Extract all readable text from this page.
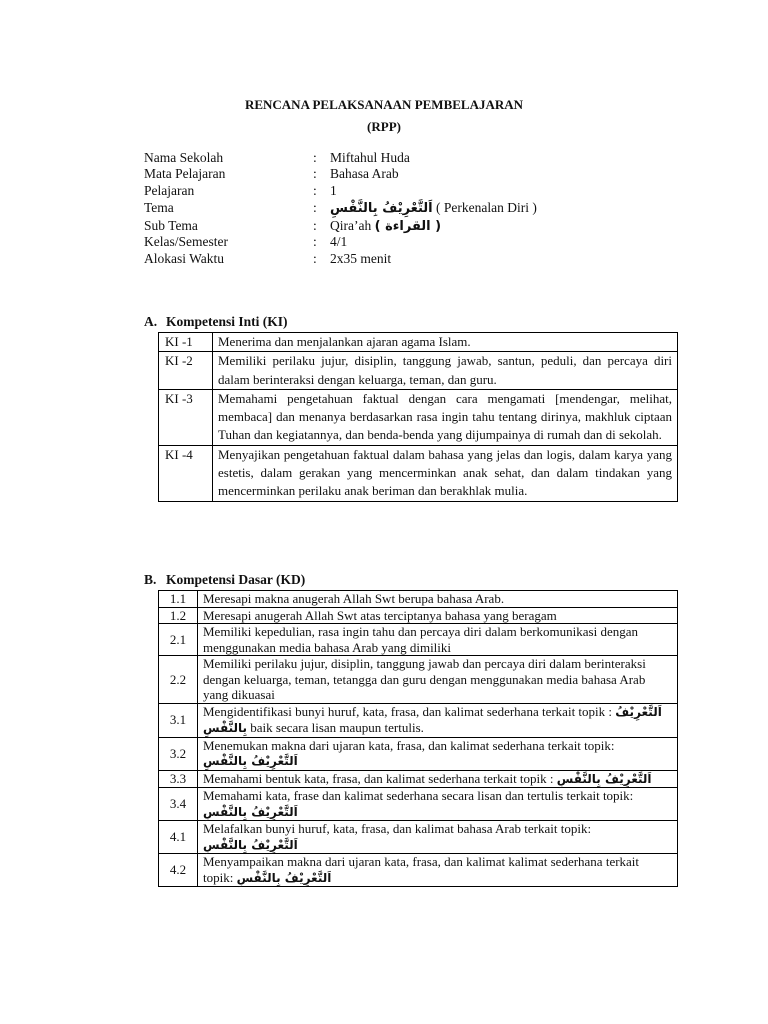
RENCANA PELAKSANAAN PEMBELAJARAN
(RPP)
Nama Sekolah	: Miftahul Huda
Mata Pelajaran	: Bahasa Arab
Pelajaran	: 1
Tema	: اَلتَّعْرِيْفُ بِالنَّفْسِ ( Perkenalan Diri )
Sub Tema	: Qira’ah ( القراءة )
Kelas/Semester	: 4/1
Alokasi Waktu	: 2x35 menit
A. Kompetensi Inti (KI)
KI -1	Menerima dan menjalankan ajaran agama Islam.
KI -2	Memiliki perilaku jujur, disiplin, tanggung jawab, santun, peduli, dan percaya diri dalam berinteraksi dengan keluarga, teman, dan guru.
KI -3	Memahami pengetahuan faktual dengan cara mengamati [mendengar, melihat, membaca] dan menanya berdasarkan rasa ingin tahu tentang dirinya, makhluk ciptaan Tuhan dan kegiatannya, dan benda-benda yang dijumpainya di rumah dan di sekolah.
KI -4	Menyajikan pengetahuan faktual dalam bahasa yang jelas dan logis, dalam karya yang estetis, dalam gerakan yang mencerminkan anak sehat, dan dalam tindakan yang mencerminkan perilaku anak beriman dan berakhlak mulia.
B. Kompetensi Dasar (KD)
1.1	Meresapi makna anugerah Allah Swt berupa bahasa Arab.
1.2	Meresapi anugerah Allah Swt atas terciptanya bahasa yang beragam
2.1	Memiliki kepedulian, rasa ingin tahu dan percaya diri dalam berkomunikasi dengan menggunakan media bahasa Arab yang dimiliki
2.2	Memiliki perilaku jujur, disiplin, tanggung jawab dan percaya diri dalam berinteraksi dengan keluarga, teman, tetangga dan guru dengan menggunakan media bahasa Arab yang dikuasai
3.1	Mengidentifikasi bunyi huruf, kata, frasa, dan kalimat sederhana terkait topik : اَلتَّعْرِيْفُ بِالنَّفْسِ baik secara lisan maupun tertulis.
3.2	Menemukan makna dari ujaran kata, frasa, dan kalimat sederhana terkait topik:
اَلتَّعْرِيْفُ بِالنَّفْسِ
3.3	Memahami bentuk kata, frasa, dan kalimat sederhana terkait topik : اَلتَّعْرِيْفُ بِالنَّفْسِ
3.4	Memahami kata, frase dan kalimat sederhana secara lisan dan tertulis terkait topik: اَلتَّعْرِيْفُ بِالنَّفْسِ
4.1	Melafalkan bunyi huruf, kata, frasa, dan kalimat bahasa Arab terkait topik:
اَلتَّعْرِيْفُ بِالنَّفْسِ
4.2	Menyampaikan makna dari ujaran kata, frasa, dan kalimat kalimat sederhana terkait topik: اَلتَّعْرِيْفُ بِالنَّفْسِ
